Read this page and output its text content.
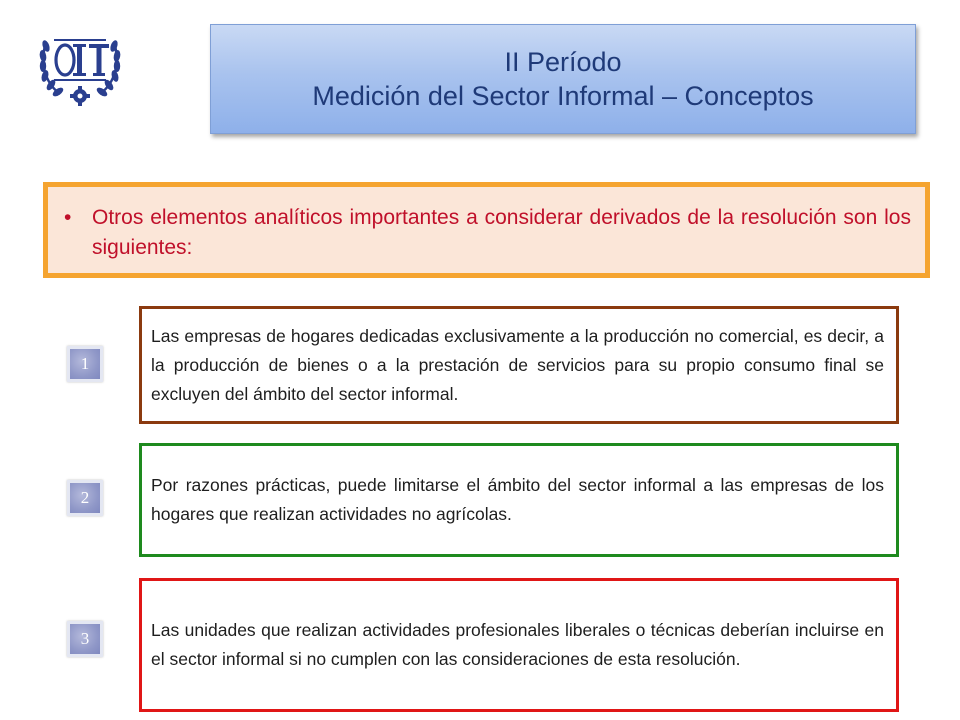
II Período
Medición del Sector Informal – Conceptos
• Otros elementos analíticos importantes a considerar derivados de la resolución son los siguientes:
1

Las empresas de hogares dedicadas exclusivamente a la producción no comercial, es decir, a la producción de bienes o a la prestación de servicios para su propio consumo final se excluyen del ámbito del sector informal.

2

Por razones prácticas, puede limitarse el ámbito del sector informal a las empresas de los hogares que realizan actividades no agrícolas.

3	Las unidades que realizan actividades profesionales liberales o técnicas deberían incluirse en el sector informal si no cumplen con las consideraciones de esta resolución.
